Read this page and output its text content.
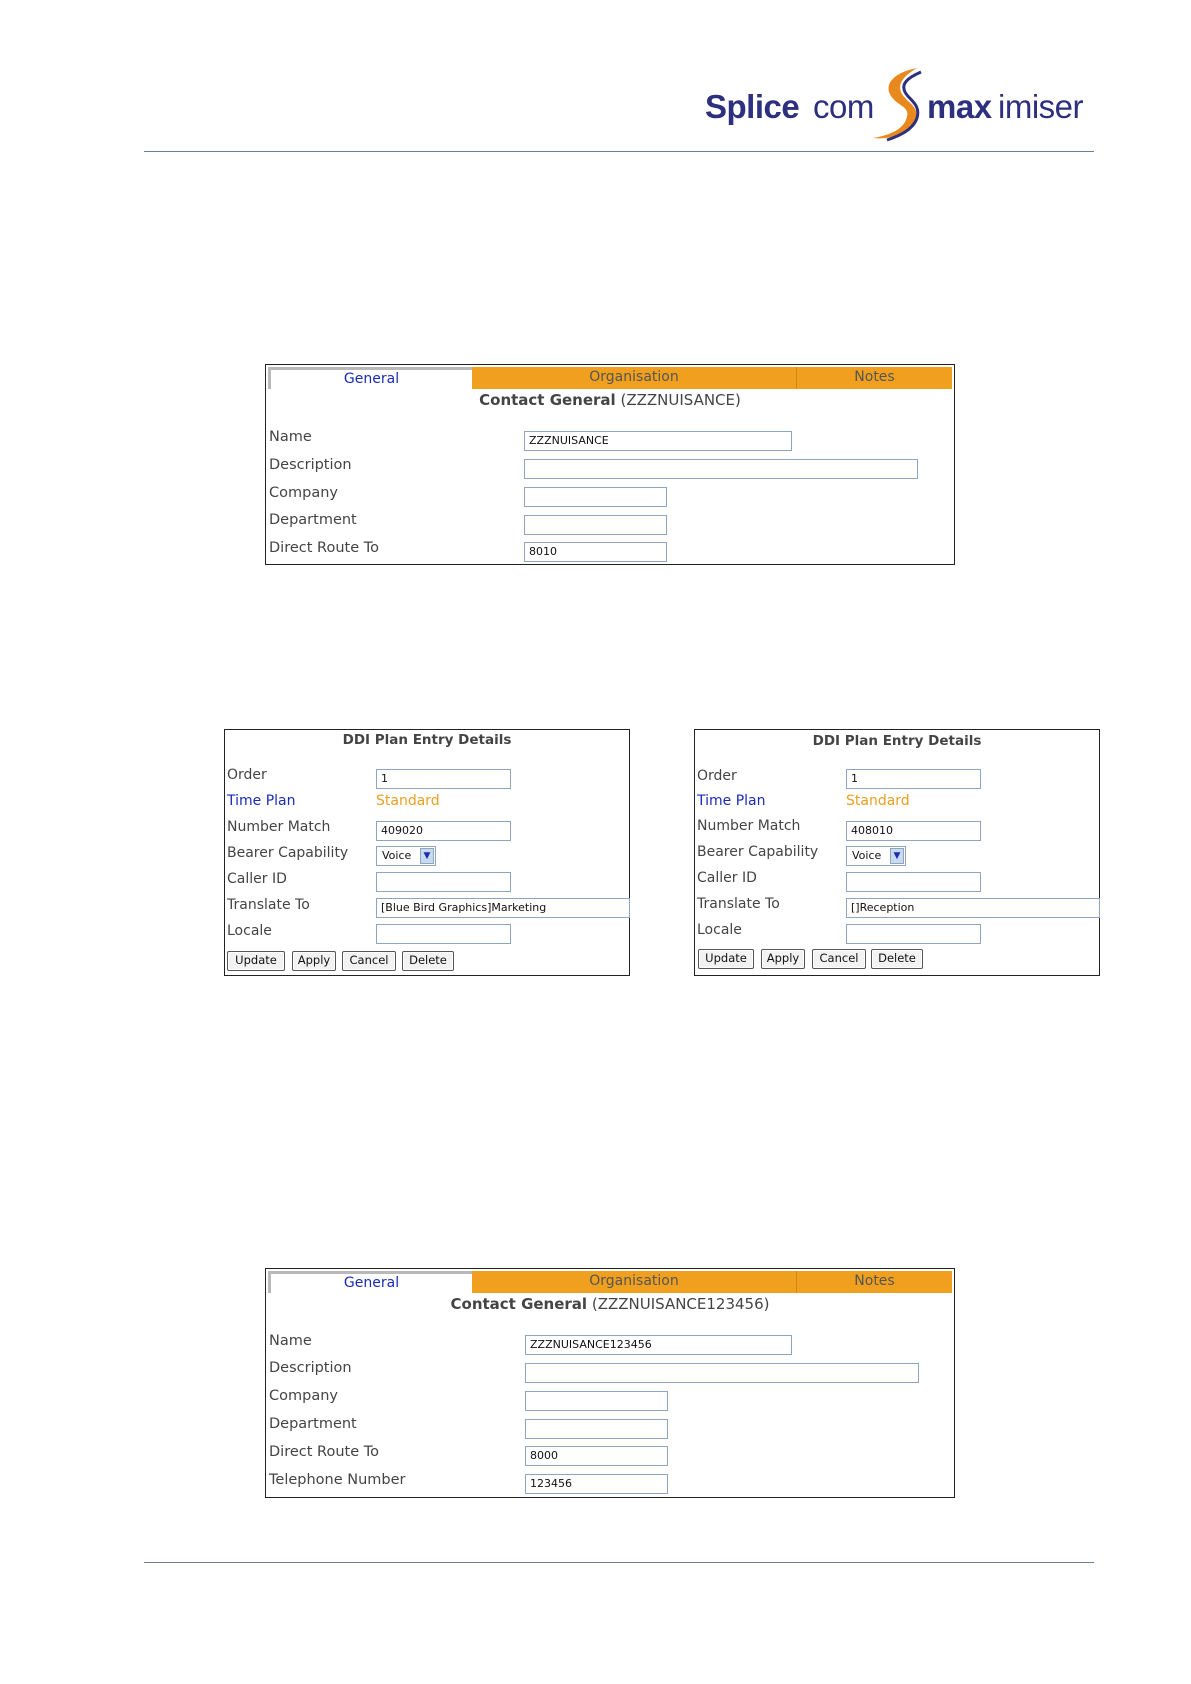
Splice com max imiser
General	Organisation	Notes
Contact General (ZZZNUISANCE)
Name	ZZZNUISANCE
Description
Company
Department
Direct Route To	8010
DDI Plan Entry Details
Order	1
Time Plan	Standard
Number Match	409020
Bearer Capability	Voice	▼
Caller ID
Translate To	[Blue Bird Graphics]Marketing
Locale
Update	Apply	Cancel	Delete
DDI Plan Entry Details
Order	1
Time Plan	Standard
Number Match	408010
Bearer Capability	Voice	▼
Caller ID
Translate To	[]Reception
Locale
Update	Apply	Cancel	Delete
General	Organisation	Notes
Contact General (ZZZNUISANCE123456)
Name	ZZZNUISANCE123456
Description
Company
Department
Direct Route To	8000
Telephone Number	123456
